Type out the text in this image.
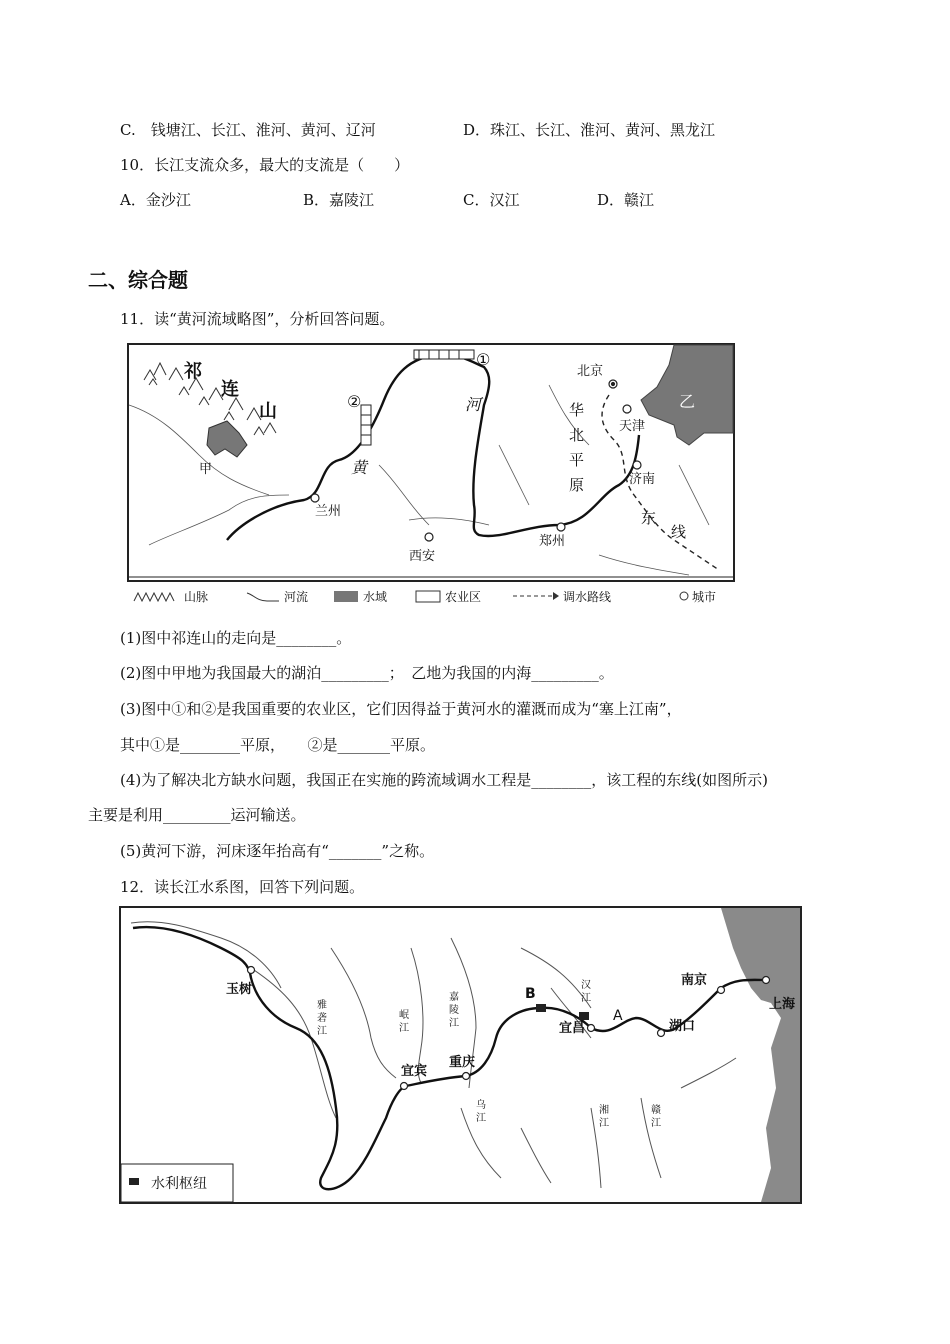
C.　钱塘江、长江、淮河、黄河、辽河	D．珠江、长江、淮河、黄河、黑龙江
10．长江支流众多，最大的支流是（　　）
A．金沙江	B．嘉陵江	C．汉江	D．赣江
二、综合题
11．读“黄河流域略图”，分析回答问题。
祁
连
山
甲
乙
黄
河
兰州
西安
郑州
济南
北京
天津
华
北
平
原
东
线
①
②
山脉	河流	水域	农业区	调水路线	城市
(1)图中祁连山的走向是________。
(2)图中甲地为我国最大的湖泊_________；　乙地为我国的内海_________。
(3)图中①和②是我国重要的农业区，它们因得益于黄河水的灌溉而成为“塞上江南”，
其中①是________平原，　　②是_______平原。
(4)为了解决北方缺水问题，我国正在实施的跨流域调水工程是________，该工程的东线(如图所示)
主要是利用_________运河输送。
(5)黄河下游，河床逐年抬高有“_______”之称。
12．读长江水系图，回答下列问题。
玉树
雅
砻
江
岷
江
嘉
陵
江
汉
江
乌
江
湘
江
赣
江
宜宾
重庆
宜昌	湖口
南京
上海
A
B
水利枢纽
